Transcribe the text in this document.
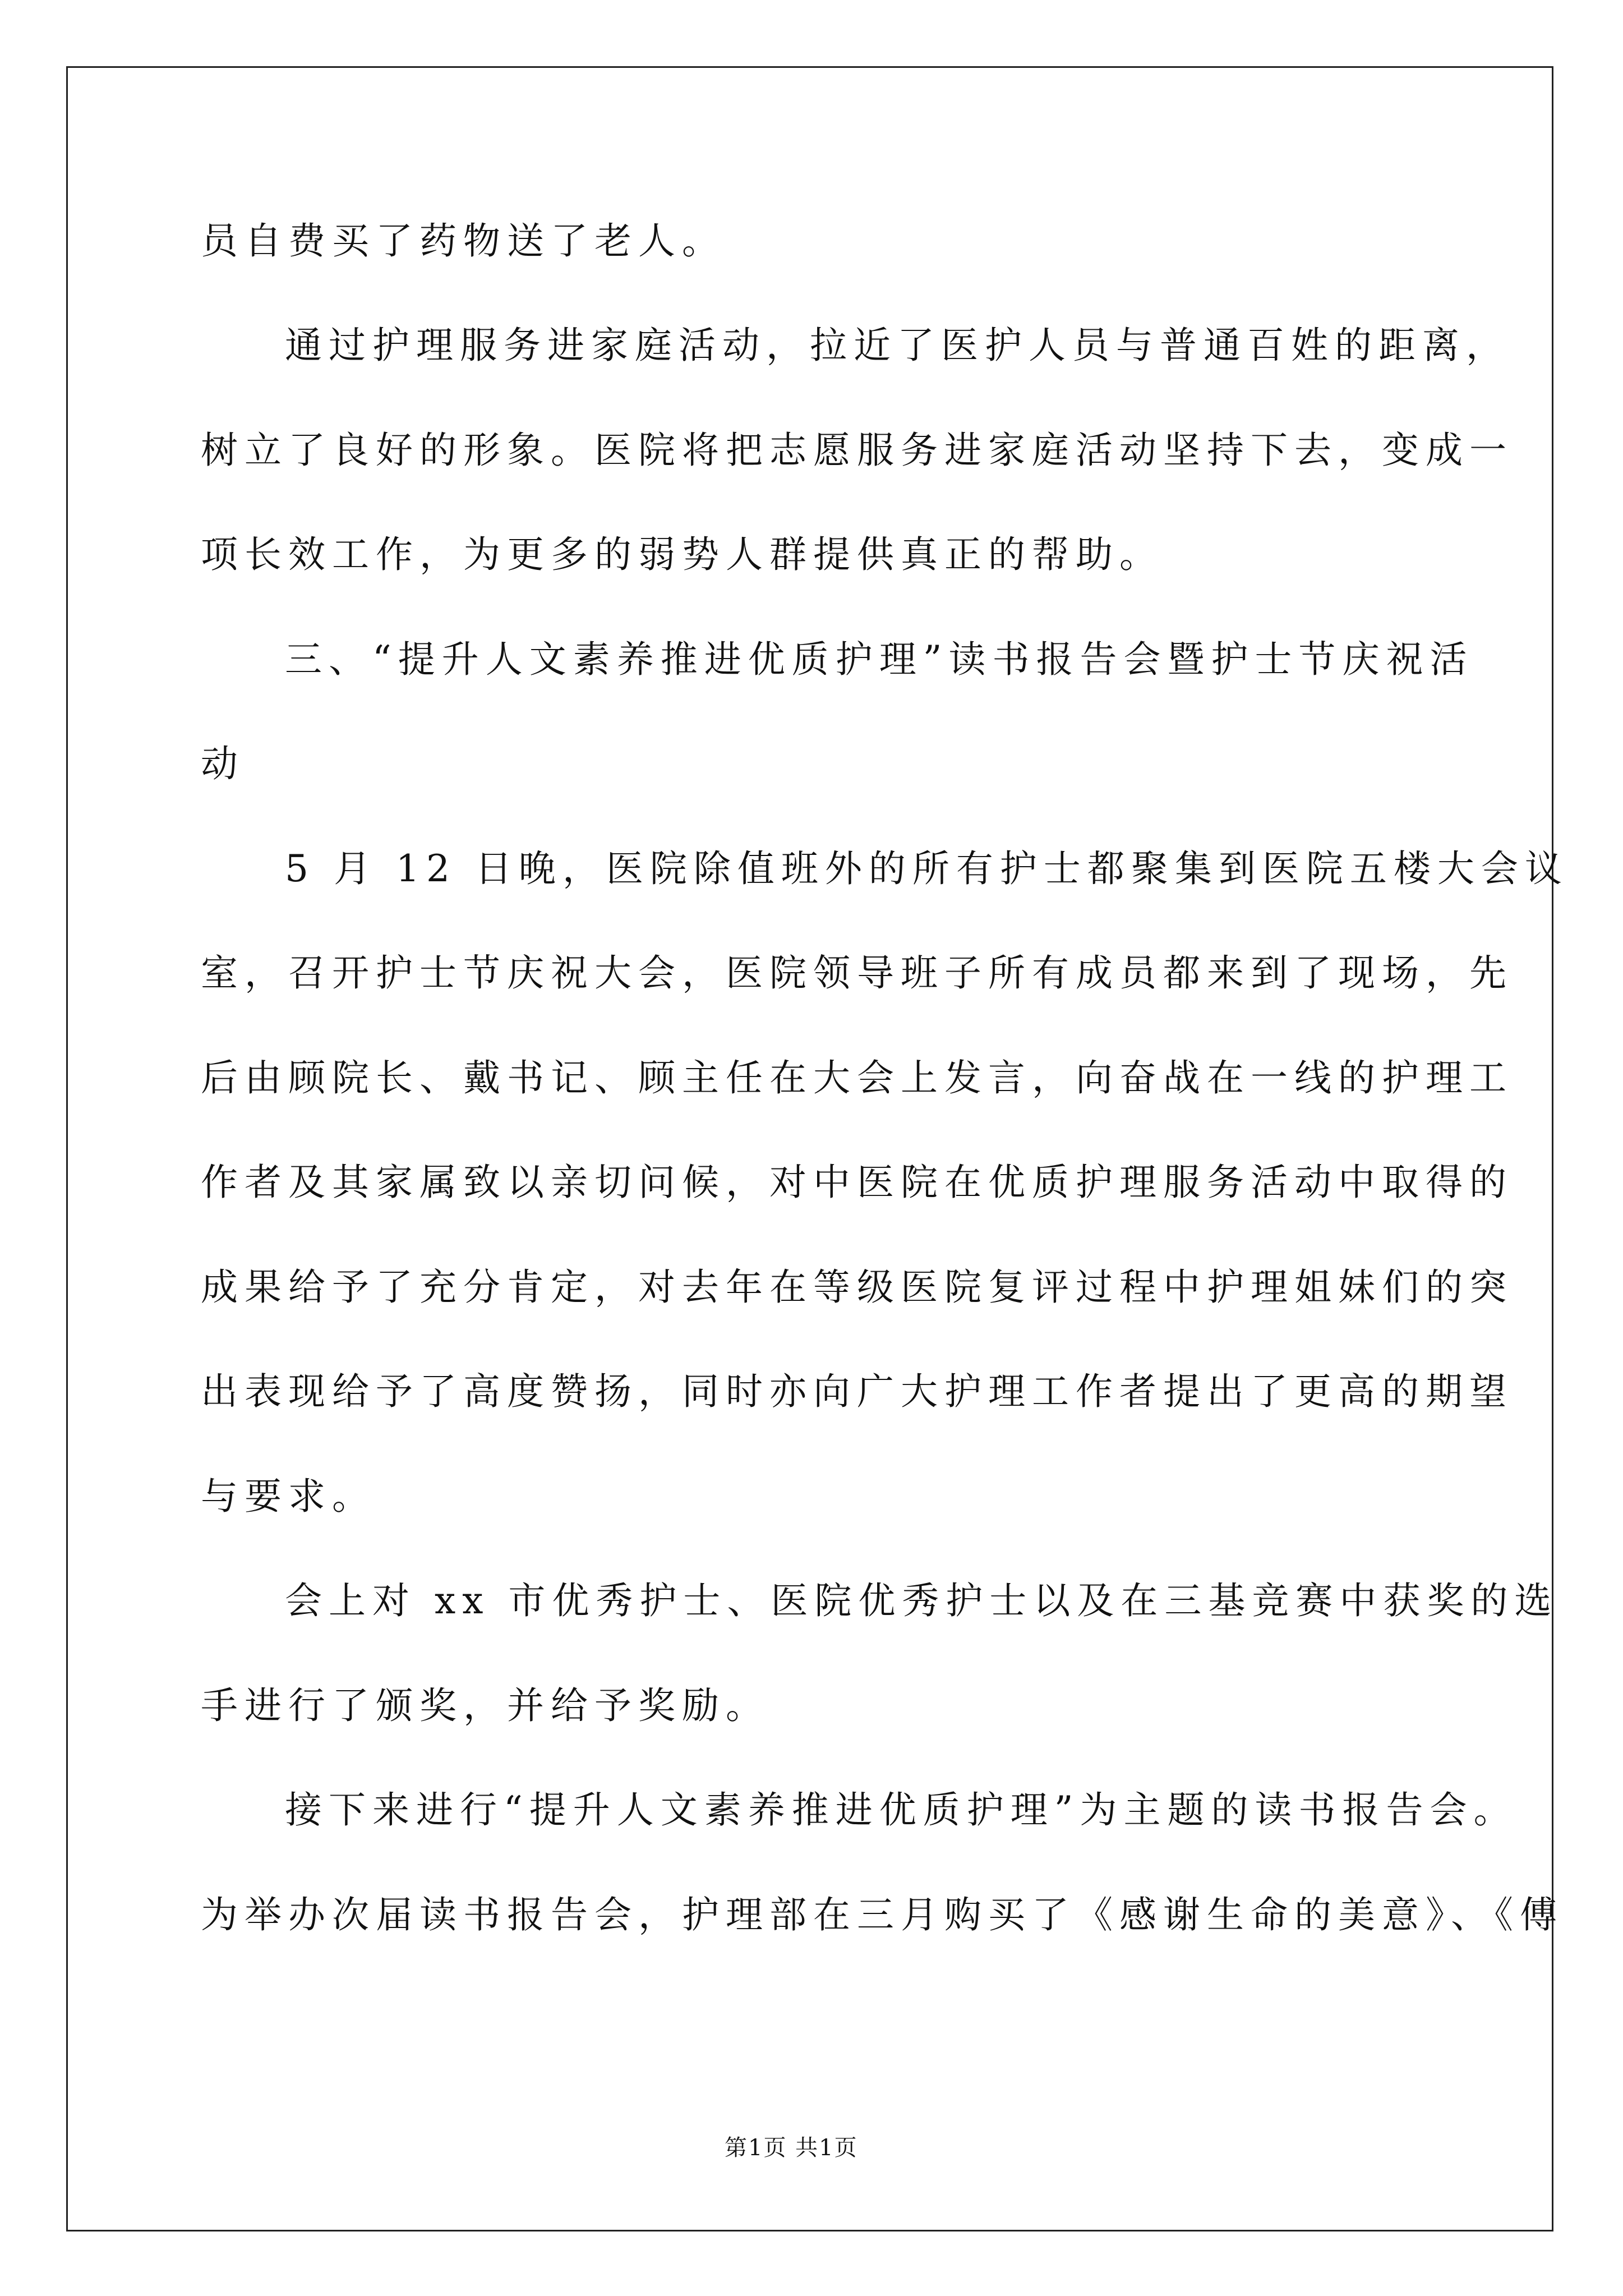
员自费买了药物送了老人。
通过护理服务进家庭活动，拉近了医护人员与普通百姓的距离，
树立了良好的形象。医院将把志愿服务进家庭活动坚持下去，变成一
项长效工作，为更多的弱势人群提供真正的帮助。
三、“提升人文素养推进优质护理”读书报告会暨护士节庆祝活
动
5 月 12 日晚，医院除值班外的所有护士都聚集到医院五楼大会议
室，召开护士节庆祝大会，医院领导班子所有成员都来到了现场，先
后由顾院长、戴书记、顾主任在大会上发言，向奋战在一线的护理工
作者及其家属致以亲切问候，对中医院在优质护理服务活动中取得的
成果给予了充分肯定，对去年在等级医院复评过程中护理姐妹们的突
出表现给予了高度赞扬，同时亦向广大护理工作者提出了更高的期望
与要求。
会上对 xx 市优秀护士、医院优秀护士以及在三基竞赛中获奖的选
手进行了颁奖，并给予奖励。
接下来进行“提升人文素养推进优质护理”为主题的读书报告会。
为举办次届读书报告会，护理部在三月购买了《感谢生命的美意》、《傅
第1页 共1页
